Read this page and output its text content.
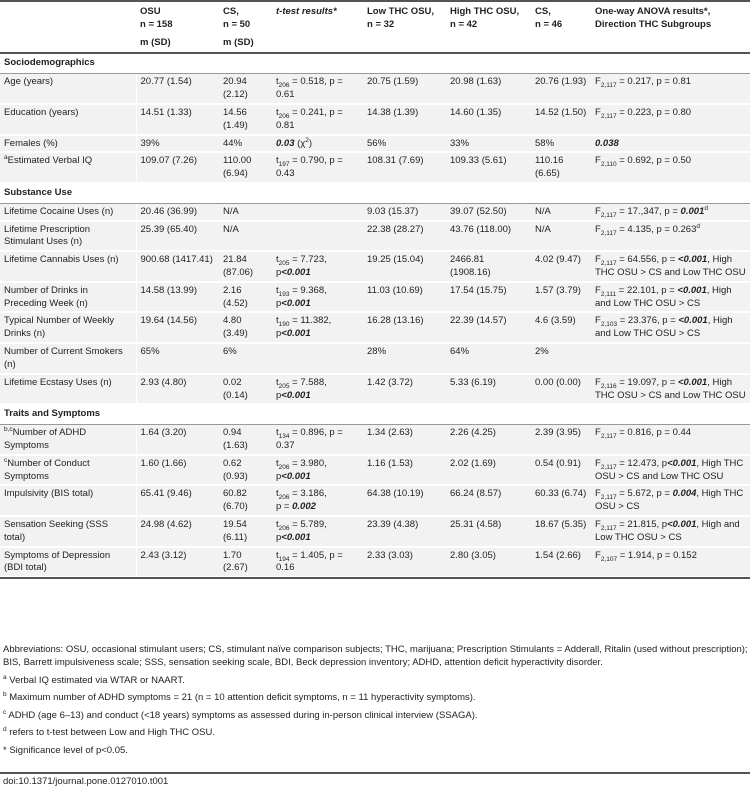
	OSU
n = 158	CS,
n = 50	t-test results*	Low THC OSU, n = 32	High THC OSU, n = 42	CS,
n = 46	One-way ANOVA results*, Direction THC Subgroups
	m (SD)	m (SD)					
Sociodemographics							
Age (years)	20.77 (1.54)	20.94 (2.12)	$t_{206} = 0.518$, p = 0.61	20.75 (1.59)	20.98 (1.63)	20.76 (1.93)	$F_{2,117} = 0.217$, p = 0.81
Education (years)	14.51 (1.33)	14.56 (1.49)	$t_{206} = 0.241$, p = 0.81	14.38 (1.39)	14.60 (1.35)	14.52 (1.50)	$F_{2,117} = 0.223$, p = 0.80
Females (%)	39%	44%	0.03 $(\chi^2)$	56%	33%	58%	0.038
$^a$Estimated Verbal IQ	109.07 (7.26)	110.00 (6.94)	$t_{197} = 0.790$, p = 0.43	108.31 (7.69)	109.33 (5.61)	110.16 (6.65)	$F_{2,110} = 0.692$, p = 0.50
Substance Use							
Lifetime Cocaine Uses (n)	20.46 (36.99)	N/A		9.03 (15.37)	39.07 (52.50)	N/A	$F_{2,117} = 17.,347$, p = 0.001$^d$
Lifetime Prescription Stimulant Uses (n)	25.39 (65.40)	N/A		22.38 (28.27)	43.76 (118.00)	N/A	$F_{2,117} = 4.135$, p = 0.263$^d$
Lifetime Cannabis Uses (n)	900.68 (1417.41)	21.84 (87.06)	$t_{205} = 7.723$,
p<0.001	19.25 (15.04)	2466.81 (1908.16)	4.02 (9.47)	$F_{2,117} = 64.556$, p = <0.001, High THC OSU > CS and Low THC OSU
Number of Drinks in Preceding Week (n)	14.58 (13.99)	2.16 (4.52)	$t_{193} = 9.368$,
p<0.001	11.03 (10.69)	17.54 (15.75)	1.57 (3.79)	$F_{2,111} = 22.101$, p = <0.001, High and Low THC OSU > CS
Typical Number of Weekly Drinks (n)	19.64 (14.56)	4.80 (3.49)	$t_{190} = 11.382$,
p<0.001	16.28 (13.16)	22.39 (14.57)	4.6 (3.59)	$F_{2,103} = 23.376$, p = <0.001, High and Low THC OSU > CS
Number of Current Smokers (n)	65%	6%		28%	64%	2%	
Lifetime Ecstasy Uses (n)	2.93 (4.80)	0.02 (0.14)	$t_{205} = 7.588$,
p<0.001	1.42 (3.72)	5.33 (6.19)	0.00 (0.00)	$F_{2,116} = 19.097$, p = <0.001, High THC OSU > CS and Low THC OSU
Traits and Symptoms							
$^{b,c}$Number of ADHD Symptoms	1.64 (3.20)	0.94 (1.63)	$t_{134} = 0.896$, p = 0.37	1.34 (2.63)	2.26 (4.25)	2.39 (3.95)	$F_{2,117} = 0.816$, p = 0.44
$^c$Number of Conduct Symptoms	1.60 (1.66)	0.62 (0.93)	$t_{206} = 3.980$,
p<0.001	1.16 (1.53)	2.02 (1.69)	0.54 (0.91)	$F_{2,117} = 12.473$, p<0.001, High THC OSU > CS and Low THC OSU
Impulsivity (BIS total)	65.41 (9.46)	60.82 (6.70)	$t_{206} = 3.186$,
p = 0.002	64.38 (10.19)	66.24 (8.57)	60.33 (6.74)	$F_{2,117} = 5.672$, p = 0.004, High THC OSU > CS
Sensation Seeking (SSS total)	24.98 (4.62)	19.54 (6.11)	$t_{206} = 5.789$,
p<0.001	23.39 (4.38)	25.31 (4.58)	18.67 (5.35)	$F_{2,117} = 21.815$, p<0.001, High and Low THC OSU > CS
Symptoms of Depression (BDI total)	2.43 (3.12)	1.70 (2.67)	$t_{194} = 1.405$, p = 0.16	2.33 (3.03)	2.80 (3.05)	1.54 (2.66)	$F_{2,107} = 1.914$, p = 0.152

Abbreviations: OSU, occasional stimulant users; CS, stimulant naïve comparison subjects; THC, marijuana; Prescription Stimulants = Adderall, Ritalin (used without prescription); BIS, Barrett impulsiveness scale; SSS, sensation seeking scale, BDI, Beck depression inventory; ADHD, attention deficit hyperactivity disorder.

$^a$ Verbal IQ estimated via WTAR or NAART.

$^b$ Maximum number of ADHD symptoms = 21 (n = 10 attention deficit symptoms, n = 11 hyperactivity symptoms).

$^c$ ADHD (age 6–13) and conduct (<18 years) symptoms as assessed during in-person clinical interview (SSAGA).

$^d$ refers to t-test between Low and High THC OSU.

* Significance level of p<0.05.

doi:10.1371/journal.pone.0127010.t001
